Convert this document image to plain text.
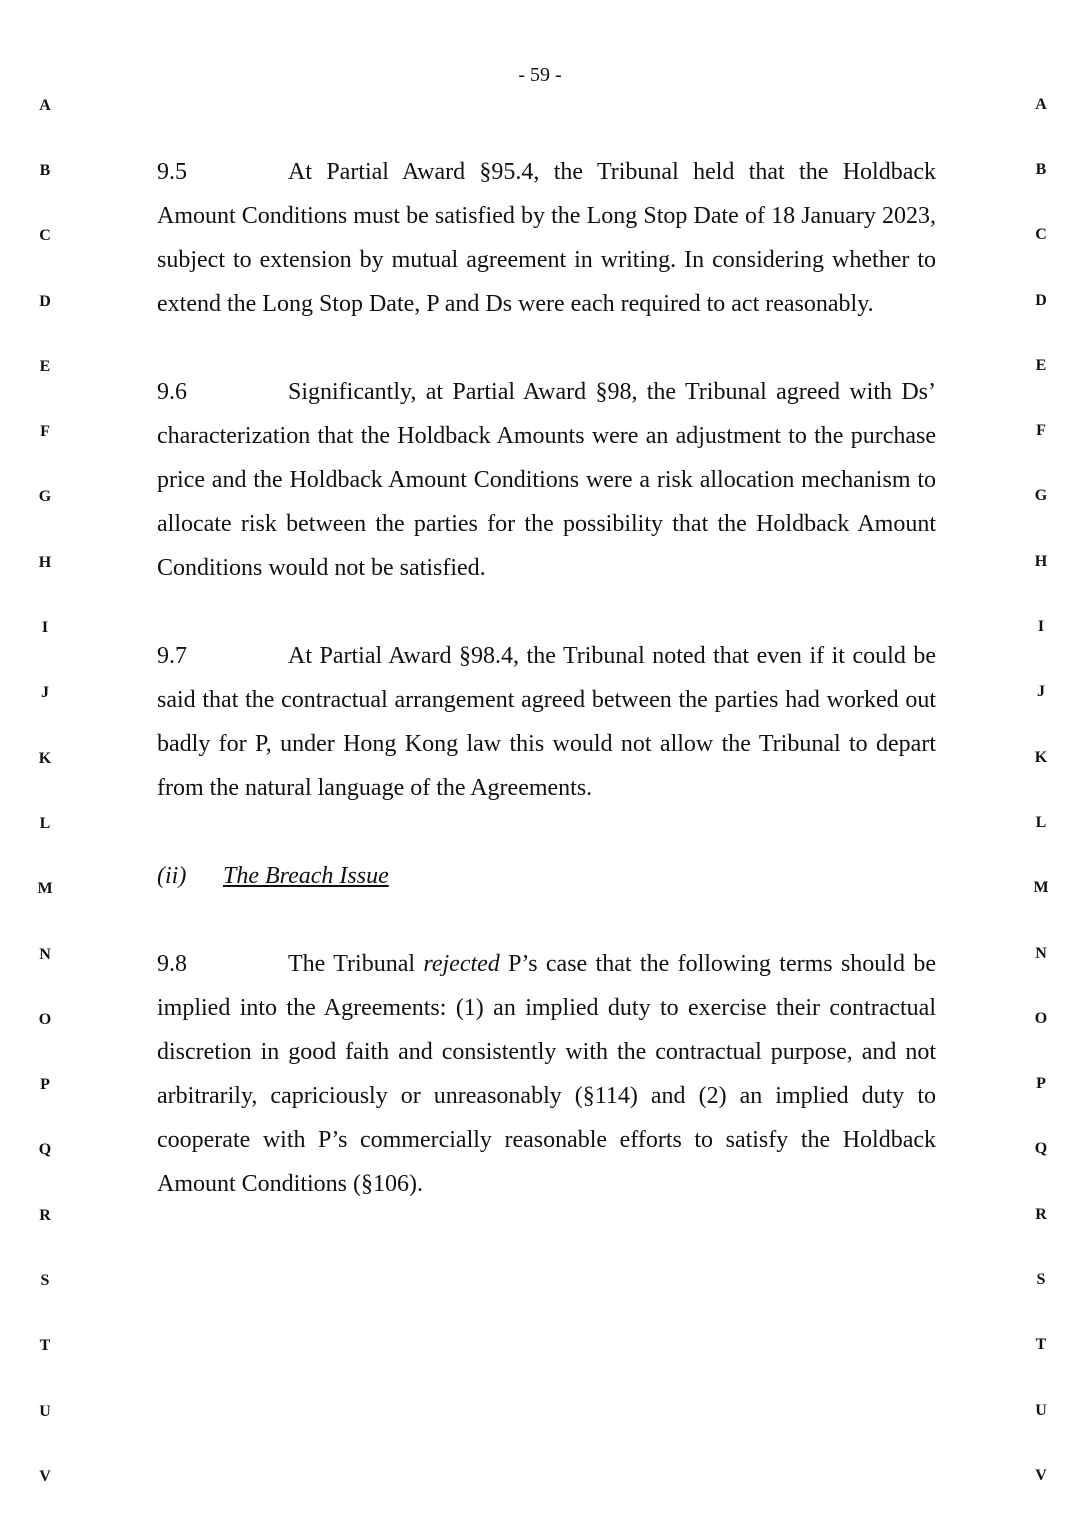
- 59 -
A
B
C
D
E
F
G
H
I
J
K
L
M
N
O
P
Q
R
S
T
U
V
A
B
C
D
E
F
G
H
I
J
K
L
M
N
O
P
Q
R
S
T
U
V

9.5	At Partial Award §95.4, the Tribunal held that the Holdback Amount Conditions must be satisfied by the Long Stop Date of 18 January 2023, subject to extension by mutual agreement in writing. In considering whether to extend the Long Stop Date, P and Ds were each required to act reasonably.

9.6	Significantly, at Partial Award §98, the Tribunal agreed with Ds’ characterization that the Holdback Amounts were an adjustment to the purchase price and the Holdback Amount Conditions were a risk allocation mechanism to allocate risk between the parties for the possibility that the Holdback Amount Conditions would not be satisfied.

9.7	At Partial Award §98.4, the Tribunal noted that even if it could be said that the contractual arrangement agreed between the parties had worked out badly for P, under Hong Kong law this would not allow the Tribunal to depart from the natural language of the Agreements.

(ii) The Breach Issue

9.8	The Tribunal rejected P’s case that the following terms should be implied into the Agreements: (1) an implied duty to exercise their contractual discretion in good faith and consistently with the contractual purpose, and not arbitrarily, capriciously or unreasonably (§114) and (2) an implied duty to cooperate with P’s commercially reasonable efforts to satisfy the Holdback Amount Conditions (§106).
